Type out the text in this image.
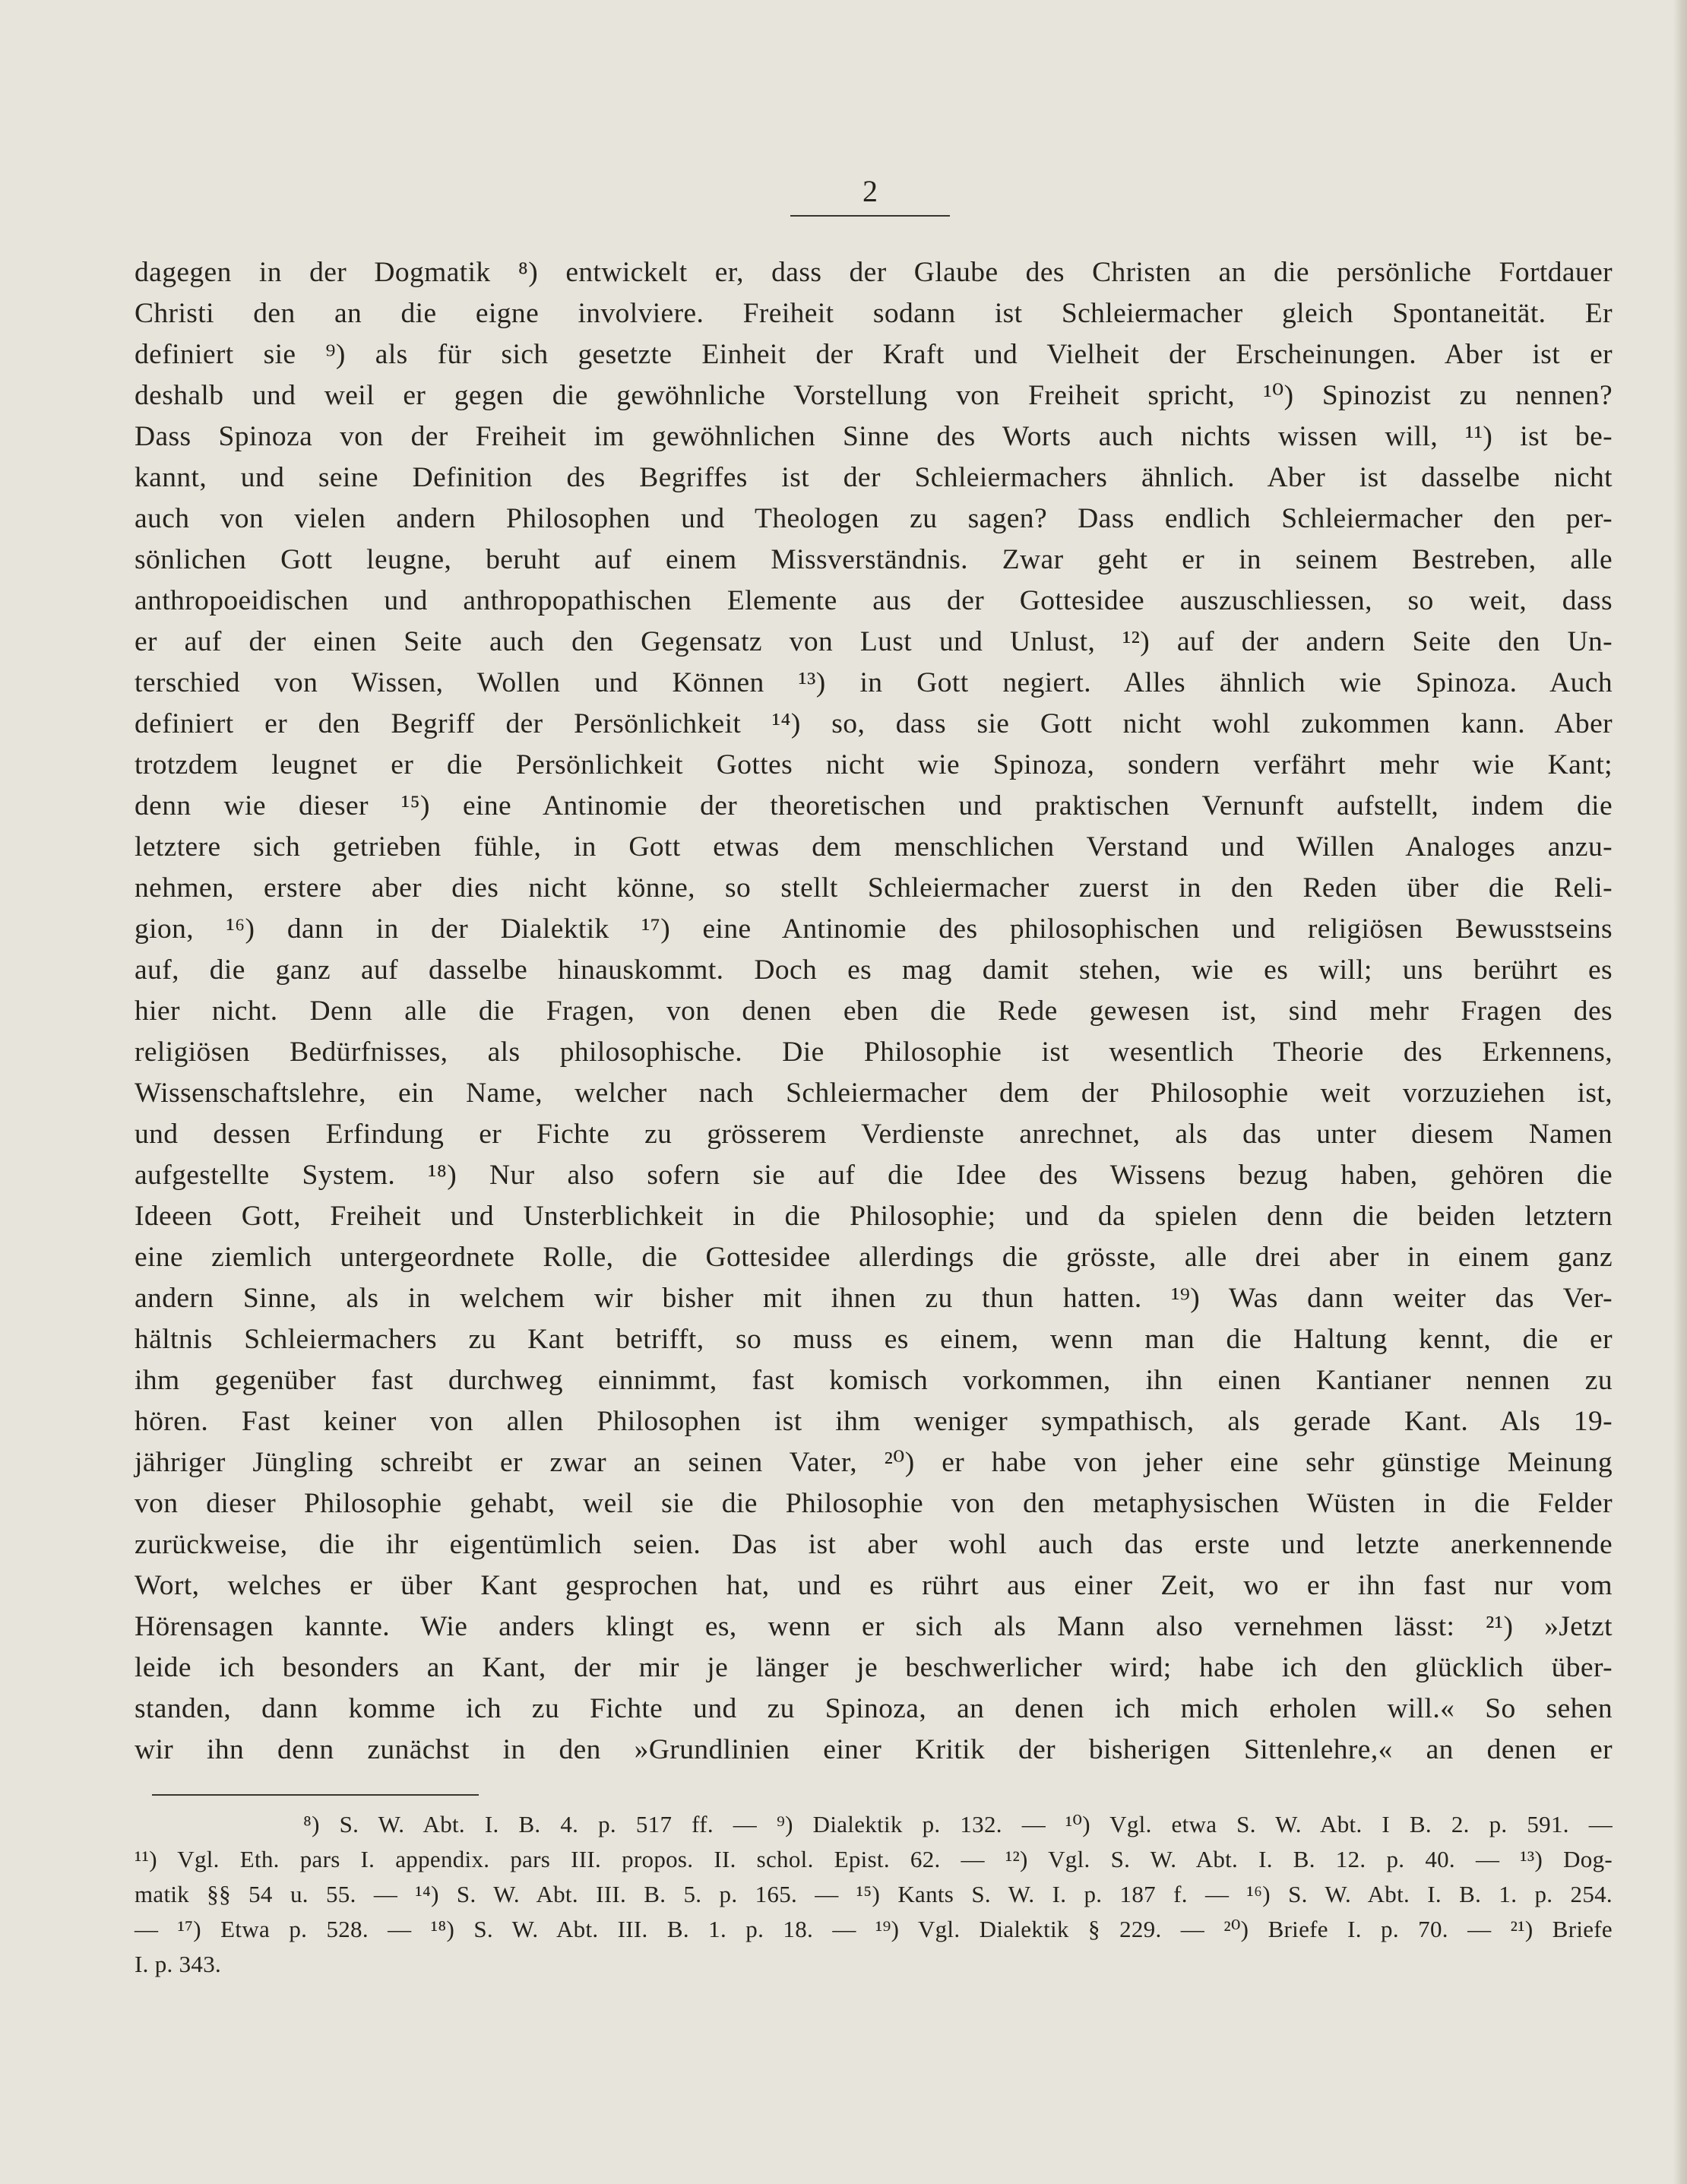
2
dagegen in der Dogmatik ⁸) entwickelt er, dass der Glaube des Christen an die persönliche Fortdauer
Christi den an die eigne involviere. Freiheit sodann ist Schleiermacher gleich Spontaneität. Er
definiert sie ⁹) als für sich gesetzte Einheit der Kraft und Vielheit der Erscheinungen. Aber ist er
deshalb und weil er gegen die gewöhnliche Vorstellung von Freiheit spricht, ¹⁰) Spinozist zu nennen?
Dass Spinoza von der Freiheit im gewöhnlichen Sinne des Worts auch nichts wissen will, ¹¹) ist be-
kannt, und seine Definition des Begriffes ist der Schleiermachers ähnlich. Aber ist dasselbe nicht
auch von vielen andern Philosophen und Theologen zu sagen? Dass endlich Schleiermacher den per-
sönlichen Gott leugne, beruht auf einem Missverständnis. Zwar geht er in seinem Bestreben, alle
anthropoeidischen und anthropopathischen Elemente aus der Gottesidee auszuschliessen, so weit, dass
er auf der einen Seite auch den Gegensatz von Lust und Unlust, ¹²) auf der andern Seite den Un-
terschied von Wissen, Wollen und Können ¹³) in Gott negiert. Alles ähnlich wie Spinoza. Auch
definiert er den Begriff der Persönlichkeit ¹⁴) so, dass sie Gott nicht wohl zukommen kann. Aber
trotzdem leugnet er die Persönlichkeit Gottes nicht wie Spinoza, sondern verfährt mehr wie Kant;
denn wie dieser ¹⁵) eine Antinomie der theoretischen und praktischen Vernunft aufstellt, indem die
letztere sich getrieben fühle, in Gott etwas dem menschlichen Verstand und Willen Analoges anzu-
nehmen, erstere aber dies nicht könne, so stellt Schleiermacher zuerst in den Reden über die Reli-
gion, ¹⁶) dann in der Dialektik ¹⁷) eine Antinomie des philosophischen und religiösen Bewusstseins
auf, die ganz auf dasselbe hinauskommt. Doch es mag damit stehen, wie es will; uns berührt es
hier nicht. Denn alle die Fragen, von denen eben die Rede gewesen ist, sind mehr Fragen des
religiösen Bedürfnisses, als philosophische. Die Philosophie ist wesentlich Theorie des Erkennens,
Wissenschaftslehre, ein Name, welcher nach Schleiermacher dem der Philosophie weit vorzuziehen ist,
und dessen Erfindung er Fichte zu grösserem Verdienste anrechnet, als das unter diesem Namen
aufgestellte System. ¹⁸) Nur also sofern sie auf die Idee des Wissens bezug haben, gehören die
Ideeen Gott, Freiheit und Unsterblichkeit in die Philosophie; und da spielen denn die beiden letztern
eine ziemlich untergeordnete Rolle, die Gottesidee allerdings die grösste, alle drei aber in einem ganz
andern Sinne, als in welchem wir bisher mit ihnen zu thun hatten. ¹⁹) Was dann weiter das Ver-
hältnis Schleiermachers zu Kant betrifft, so muss es einem, wenn man die Haltung kennt, die er
ihm gegenüber fast durchweg einnimmt, fast komisch vorkommen, ihn einen Kantianer nennen zu
hören. Fast keiner von allen Philosophen ist ihm weniger sympathisch, als gerade Kant. Als 19-
jähriger Jüngling schreibt er zwar an seinen Vater, ²⁰) er habe von jeher eine sehr günstige Meinung
von dieser Philosophie gehabt, weil sie die Philosophie von den metaphysischen Wüsten in die Felder
zurückweise, die ihr eigentümlich seien. Das ist aber wohl auch das erste und letzte anerkennende
Wort, welches er über Kant gesprochen hat, und es rührt aus einer Zeit, wo er ihn fast nur vom
Hörensagen kannte. Wie anders klingt es, wenn er sich als Mann also vernehmen lässt: ²¹) »Jetzt
leide ich besonders an Kant, der mir je länger je beschwerlicher wird; habe ich den glücklich über-
standen, dann komme ich zu Fichte und zu Spinoza, an denen ich mich erholen will.« So sehen
wir ihn denn zunächst in den »Grundlinien einer Kritik der bisherigen Sittenlehre,« an denen er
⁸) S. W. Abt. I. B. 4. p. 517 ff. — ⁹) Dialektik p. 132. — ¹⁰) Vgl. etwa S. W. Abt. I B. 2. p. 591. —
¹¹) Vgl. Eth. pars I. appendix. pars III. propos. II. schol. Epist. 62. — ¹²) Vgl. S. W. Abt. I. B. 12. p. 40. — ¹³) Dog-
matik §§ 54 u. 55. — ¹⁴) S. W. Abt. III. B. 5. p. 165. — ¹⁵) Kants S. W. I. p. 187 f. — ¹⁶) S. W. Abt. I. B. 1. p. 254.
— ¹⁷) Etwa p. 528. — ¹⁸) S. W. Abt. III. B. 1. p. 18. — ¹⁹) Vgl. Dialektik § 229. — ²⁰) Briefe I. p. 70. — ²¹) Briefe
I. p. 343.
